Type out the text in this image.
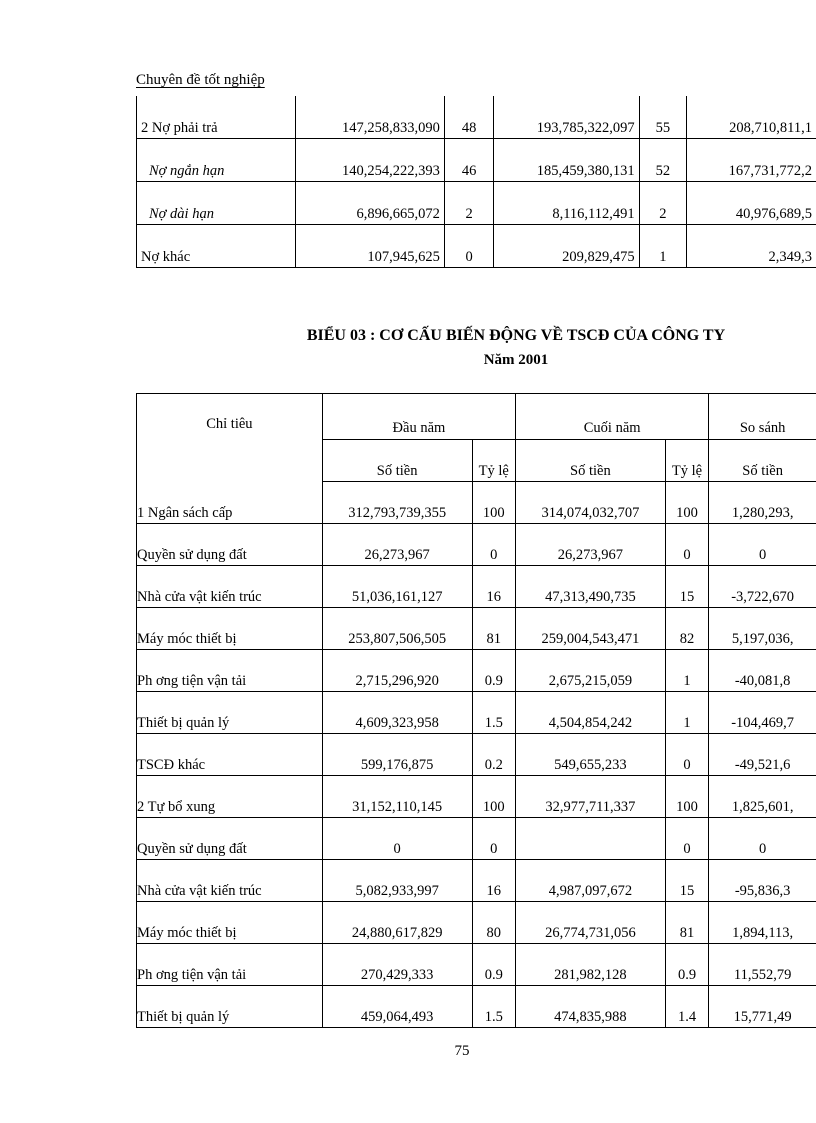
Chuyên đề tốt nghiệp
2 Nợ phải trả	147,258,833,090	48	193,785,322,097	55	208,710,811,1
Nợ ngắn hạn	140,254,222,393	46	185,459,380,131	52	167,731,772,2
Nợ dài hạn	6,896,665,072	2	8,116,112,491	2	40,976,689,5
Nợ khác	107,945,625	0	209,829,475	1	2,349,3
BIỂU 03 : CƠ CẤU BIẾN ĐỘNG VỀ TSCĐ CỦA CÔNG TY
Năm 2001
Chỉ tiêu	Đầu năm		Cuối năm		So sánh
	Số tiền	Tỷ lệ	Số tiền	Tỷ lệ	Số tiền
1 Ngân sách cấp	312,793,739,355	100	314,074,032,707	100	1,280,293,
Quyền sử dụng đất	26,273,967	0	26,273,967	0	0
Nhà cửa vật kiến trúc	51,036,161,127	16	47,313,490,735	15	-3,722,670
Máy móc thiết bị	253,807,506,505	81	259,004,543,471	82	5,197,036,
Ph ơng tiện vận tải	2,715,296,920	0.9	2,675,215,059	1	-40,081,8
Thiết bị quản lý	4,609,323,958	1.5	4,504,854,242	1	-104,469,7
TSCĐ khác	599,176,875	0.2	549,655,233	0	-49,521,6
2 Tự bổ xung	31,152,110,145	100	32,977,711,337	100	1,825,601,
Quyền sử dụng đất	0	0		0	0
Nhà cửa vật kiến trúc	5,082,933,997	16	4,987,097,672	15	-95,836,3
Máy móc thiết bị	24,880,617,829	80	26,774,731,056	81	1,894,113,
Ph ơng tiện vận tải	270,429,333	0.9	281,982,128	0.9	11,552,79
Thiết bị quản lý	459,064,493	1.5	474,835,988	1.4	15,771,49
75
